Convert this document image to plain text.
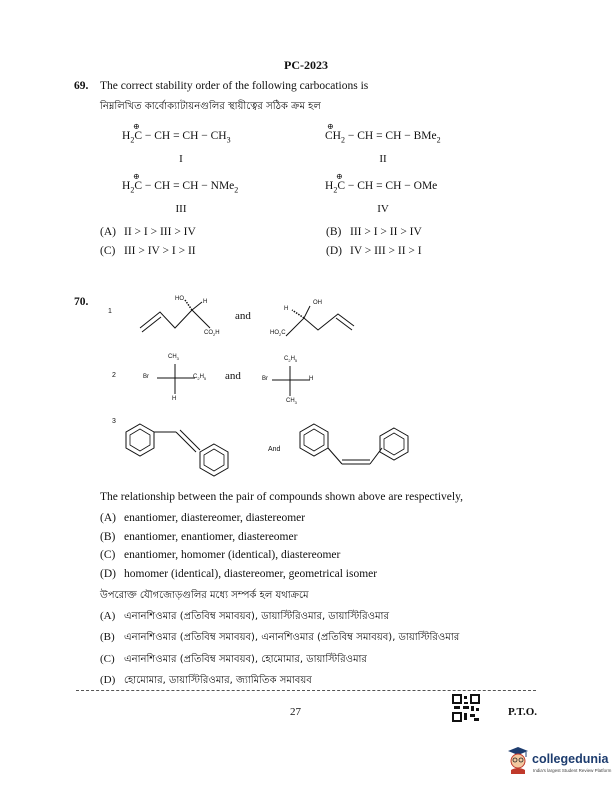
PC-2023
69. The correct stability order of the following carbocations is
নিম্নলিখিত কার্বোক্যাটায়নগুলির স্থায়ীত্বের সঠিক ক্রম হল
⊕
$H_2C$ − CH = CH − $CH_3$
I
⊕
$CH_2$ − CH = CH − BMe$_2$
II
⊕
$H_2C$ − CH = CH − NMe$_2$
III
⊕
$H_2C$ − CH = CH − OMe
IV
(A) II > I > III > IV	(B) III > I > II > IV
(C) III > IV > I > II	(D) IV > III > II > I
70.
1
HO	H
$CO_2H$
and
H
OH
$HO_2C$
2
$CH_3$
Br	$C_2H_5$
H
and
$C_2H_5$
Br	H
$CH_3$
3
And
The relationship between the pair of compounds shown above are respectively,
(A) enantiomer, diastereomer, diastereomer
(B) enantiomer, enantiomer, diastereomer
(C) enantiomer, homomer (identical), diastereomer
(D) homomer (identical), diastereomer, geometrical isomer
উপরোক্ত যৌগজোড়গুলির মধ্যে সম্পর্ক হল যথাক্রমে
(A) এনানশিওমার (প্রতিবিম্ব সমাবয়ব), ডায়াস্টিরিওমার, ডায়াস্টিরিওমার
(B) এনানশিওমার (প্রতিবিম্ব সমাবয়ব), এনানশিওমার (প্রতিবিম্ব সমাবয়ব), ডায়াস্টিরিওমার
(C) এনানশিওমার (প্রতিবিম্ব সমাবয়ব), হোমোমার, ডায়াস্টিরিওমার
(D) হোমোমার, ডায়াস্টিরিওমার, জ্যামিতিক সমাবয়ব
27	P.T.O.
collegedunia
India's largest Student Review Platform
